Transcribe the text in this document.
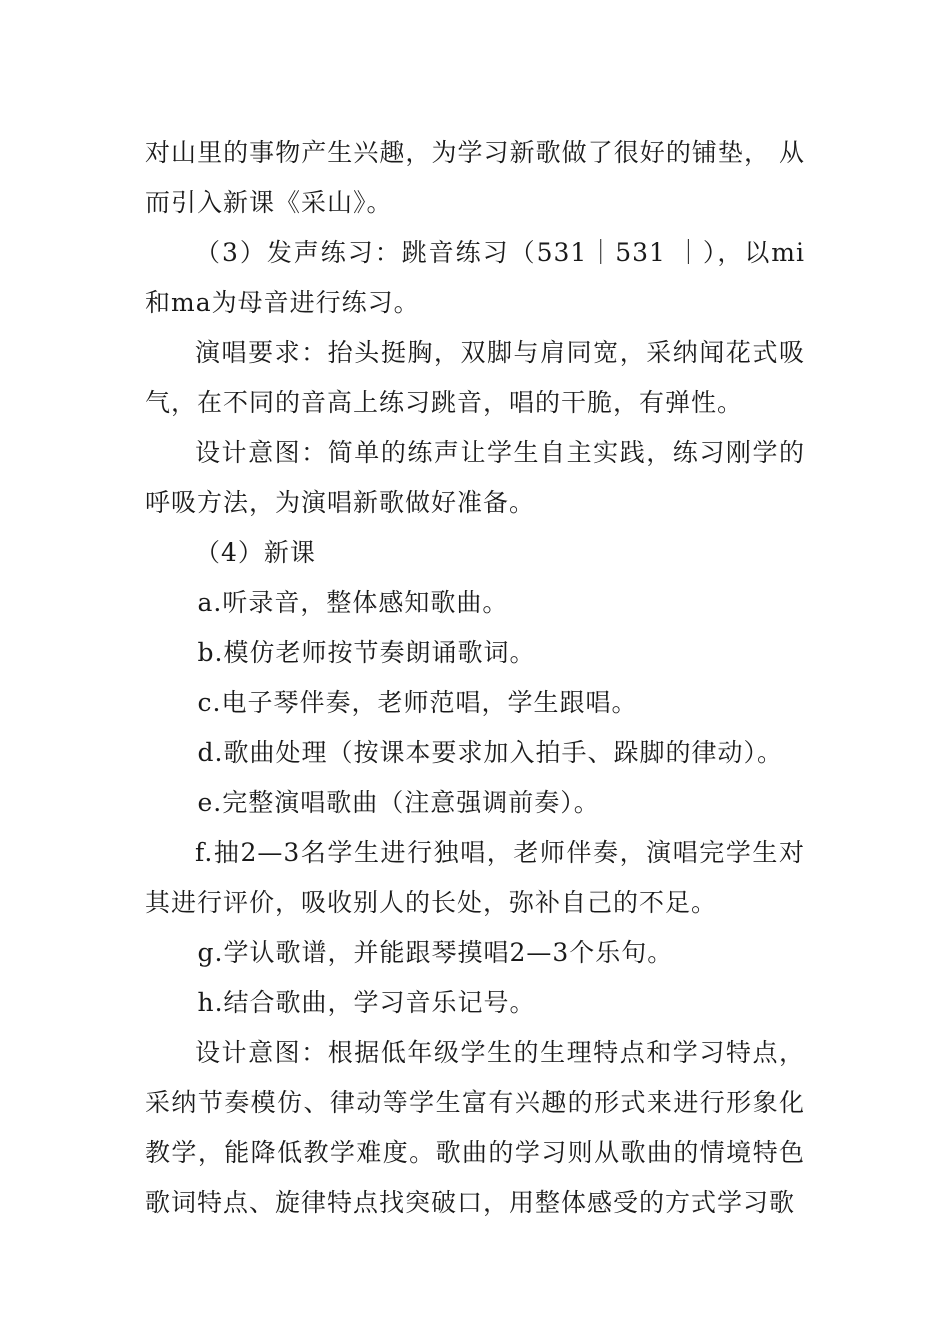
对山里的事物产生兴趣，为学习新歌做了很好的铺垫， 从而引入新课《采山》。

（3）发声练习：跳音练习（531｜531 ｜），以mi和ma为母音进行练习。

演唱要求：抬头挺胸，双脚与肩同宽，采纳闻花式吸气，在不同的音高上练习跳音，唱的干脆，有弹性。

设计意图：简单的练声让学生自主实践，练习刚学的呼吸方法，为演唱新歌做好准备。

（4）新课

a.听录音，整体感知歌曲。

b.模仿老师按节奏朗诵歌词。

c.电子琴伴奏，老师范唱，学生跟唱。

d.歌曲处理（按课本要求加入拍手、跺脚的律动）。

e.完整演唱歌曲（注意强调前奏）。

f.抽2—3名学生进行独唱，老师伴奏，演唱完学生对其进行评价，吸收别人的长处，弥补自己的不足。

g.学认歌谱，并能跟琴摸唱2—3个乐句。

h.结合歌曲，学习音乐记号。

设计意图：根据低年级学生的生理特点和学习特点，采纳节奏模仿、律动等学生富有兴趣的形式来进行形象化教学，能降低教学难度。歌曲的学习则从歌曲的情境特色歌词特点、旋律特点找突破口，用整体感受的方式学习歌
